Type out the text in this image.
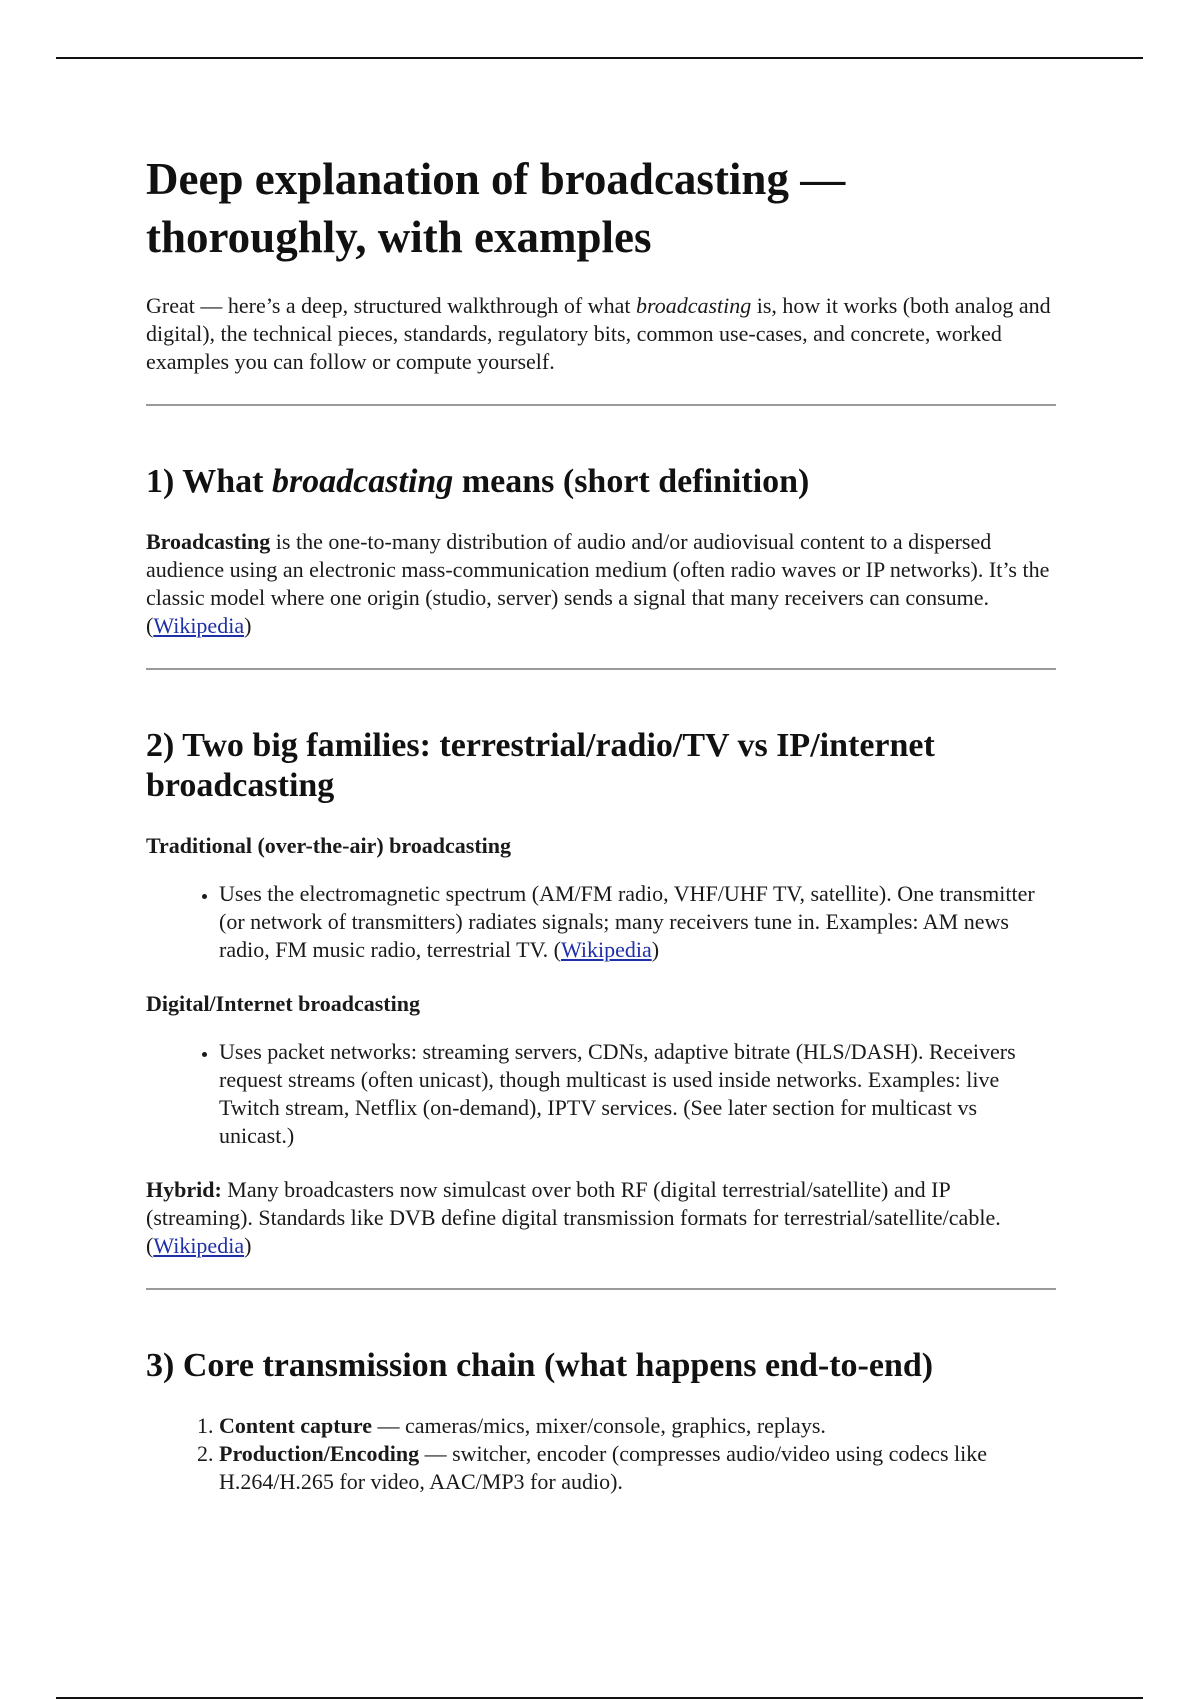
Deep explanation of broadcasting — thoroughly, with examples

Great — here’s a deep, structured walkthrough of what broadcasting is, how it works (both analog and digital), the technical pieces, standards, regulatory bits, common use-cases, and concrete, worked examples you can follow or compute yourself.

1) What broadcasting means (short definition)

Broadcasting is the one-to-many distribution of audio and/or audiovisual content to a dispersed audience using an electronic mass-communication medium (often radio waves or IP networks). It’s the classic model where one origin (studio, server) sends a signal that many receivers can consume. (Wikipedia)

2) Two big families: terrestrial/radio/TV vs IP/internet broadcasting

Traditional (over-the-air) broadcasting

• Uses the electromagnetic spectrum (AM/FM radio, VHF/UHF TV, satellite). One transmitter (or network of transmitters) radiates signals; many receivers tune in. Examples: AM news radio, FM music radio, terrestrial TV. (Wikipedia)

Digital/Internet broadcasting

• Uses packet networks: streaming servers, CDNs, adaptive bitrate (HLS/DASH). Receivers request streams (often unicast), though multicast is used inside networks. Examples: live Twitch stream, Netflix (on-demand), IPTV services. (See later section for multicast vs unicast.)

Hybrid: Many broadcasters now simulcast over both RF (digital terrestrial/satellite) and IP (streaming). Standards like DVB define digital transmission formats for terrestrial/satellite/cable. (Wikipedia)

3) Core transmission chain (what happens end-to-end)
1. Content capture — cameras/mics, mixer/console, graphics, replays.
2. Production/Encoding — switcher, encoder (compresses audio/video using codecs like H.264/H.265 for video, AAC/MP3 for audio).
